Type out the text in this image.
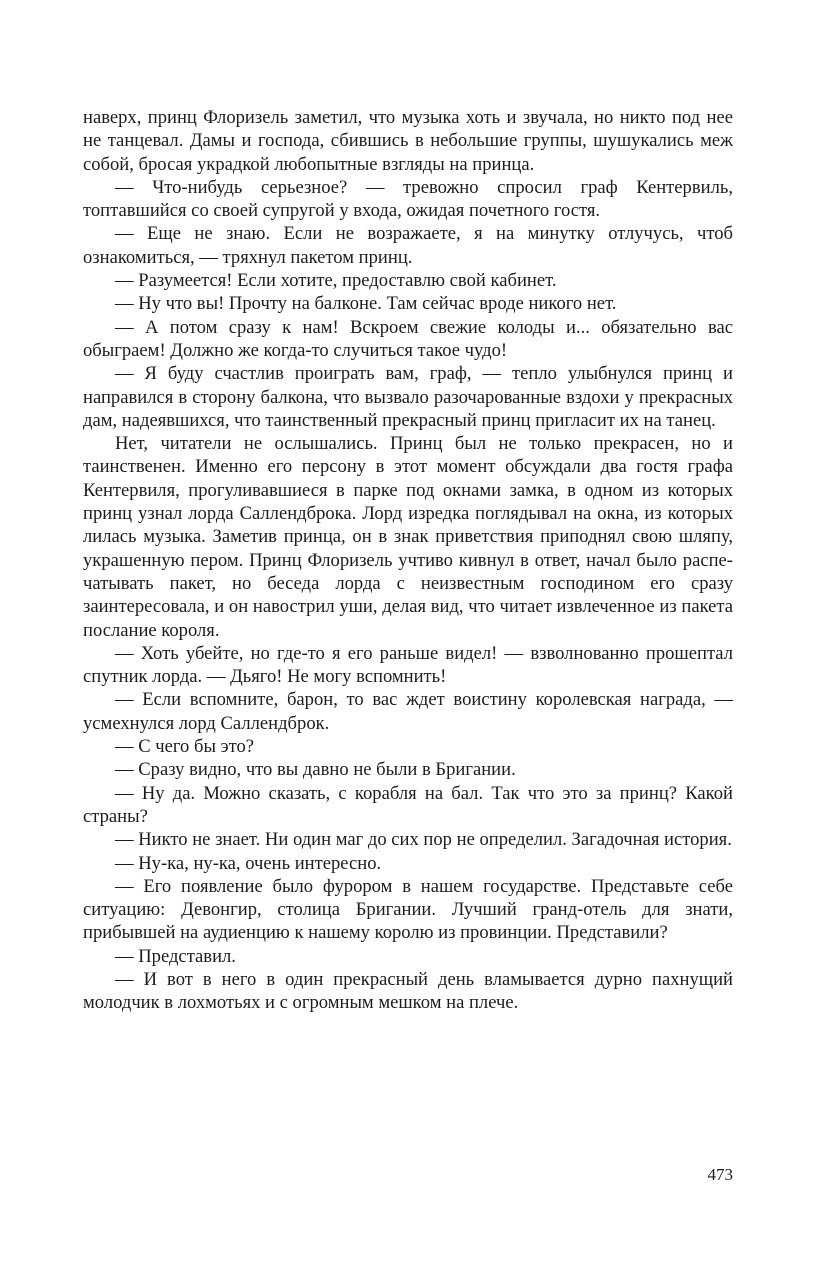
наверх, принц Флоризель заметил, что музыка хоть и звучала, но никто под нее не танцевал. Дамы и господа, сбившись в небольшие группы, шушукались меж собой, бросая украдкой любопытные взгляды на принца.

— Что-нибудь серьезное? — тревожно спросил граф Кентервиль, топтавшийся со своей супругой у входа, ожидая почетного гостя.

— Еще не знаю. Если не возражаете, я на минутку отлучусь, чтоб ознакомиться, — тряхнул пакетом принц.

— Разумеется! Если хотите, предоставлю свой кабинет.

— Ну что вы! Прочту на балконе. Там сейчас вроде никого нет.

— А потом сразу к нам! Вскроем свежие колоды и... обязательно вас обыграем! Должно же когда-то случиться такое чудо!

— Я буду счастлив проиграть вам, граф, — тепло улыбнулся принц и направился в сторону балкона, что вызвало разочарованные вздохи у прекрасных дам, надеявшихся, что таинственный прекрасный принц пригласит их на танец.

Нет, читатели не ослышались. Принц был не только прекрасен, но и таинственен. Именно его персону в этот момент обсуждали два гостя графа Кентервиля, прогуливавшиеся в парке под окнами замка, в одном из которых принц узнал лорда Саллендброка. Лорд изредка поглядывал на окна, из которых лилась музыка. Заметив принца, он в знак приветствия приподнял свою шляпу, украшенную пером. Принц Флоризель учтиво кивнул в ответ, начал было распечатывать пакет, но беседа лорда с неизвестным господином его сразу заинтересовала, и он навострил уши, делая вид, что читает извлеченное из пакета послание короля.

— Хоть убейте, но где-то я его раньше видел! — взволнованно прошептал спутник лорда. — Дьяго! Не могу вспомнить!

— Если вспомните, барон, то вас ждет воистину королевская награда, — усмехнулся лорд Саллендброк.

— С чего бы это?

— Сразу видно, что вы давно не были в Бригании.

— Ну да. Можно сказать, с корабля на бал. Так что это за принц? Какой страны?

— Никто не знает. Ни один маг до сих пор не определил. Загадочная история.

— Ну-ка, ну-ка, очень интересно.

— Его появление было фурором в нашем государстве. Представьте себе ситуацию: Девонгир, столица Бригании. Лучший гранд-отель для знати, прибывшей на аудиенцию к нашему королю из провинции. Представили?

— Представил.

— И вот в него в один прекрасный день вламывается дурно пахнущий молодчик в лохмотьях и с огромным мешком на плече.

473
